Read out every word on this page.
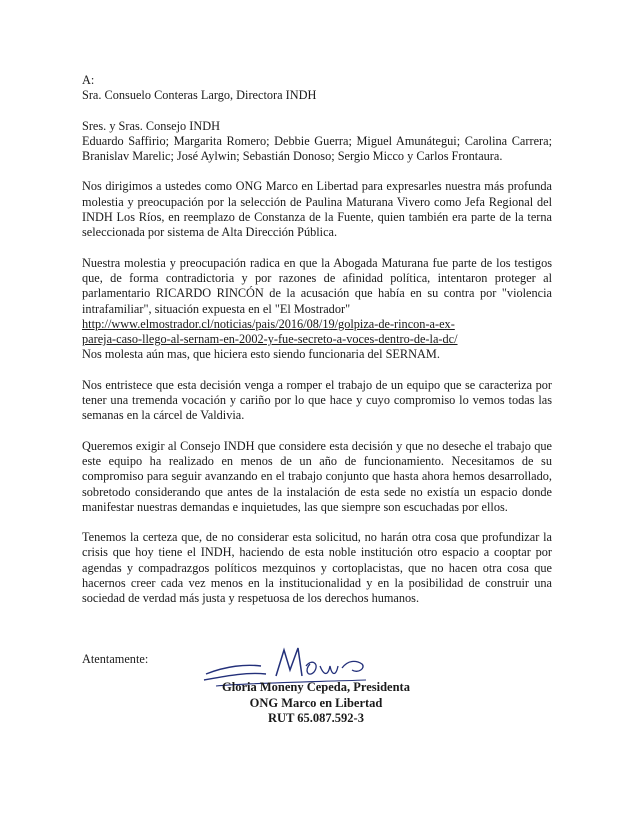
A:
Sra. Consuelo Conteras Largo, Directora INDH
Sres. y Sras. Consejo INDH

Eduardo Saffirio; Margarita Romero; Debbie Guerra; Miguel Amunátegui; Carolina Carrera; Branislav Marelic; José Aylwin; Sebastián Donoso; Sergio Micco y Carlos Frontaura.

Nos dirigimos a ustedes como ONG Marco en Libertad para expresarles nuestra más profunda molestia y preocupación por la selección de Paulina Maturana Vivero como Jefa Regional del INDH Los Ríos, en reemplazo de Constanza de la Fuente, quien también era parte de la terna seleccionada por sistema de Alta Dirección Pública.

Nuestra molestia y preocupación radica en que la Abogada Maturana fue parte de los testigos que, de forma contradictoria y por razones de afinidad política, intentaron proteger al parlamentario RICARDO RINCÓN de la acusación que había en su contra por "violencia intrafamiliar", situación expuesta en el "El Mostrador"

http://www.elmostrador.cl/noticias/pais/2016/08/19/golpiza-de-rincon-a-ex-
pareja-caso-llego-al-sernam-en-2002-y-fue-secreto-a-voces-dentro-de-la-dc/
Nos molesta aún mas, que hiciera esto siendo funcionaria del SERNAM.

Nos entristece que esta decisión venga a romper el trabajo de un equipo que se caracteriza por tener una tremenda vocación y cariño por lo que hace y cuyo compromiso lo vemos todas las semanas en la cárcel de Valdivia.

Queremos exigir al Consejo INDH que considere esta decisión y que no deseche el trabajo que este equipo ha realizado en menos de un año de funcionamiento. Necesitamos de su compromiso para seguir avanzando en el trabajo conjunto que hasta ahora hemos desarrollado, sobretodo considerando que antes de la instalación de esta sede no existía un espacio donde manifestar nuestras demandas e inquietudes, las que siempre son escuchadas por ellos.

Tenemos la certeza que, de no considerar esta solicitud, no harán otra cosa que profundizar la crisis que hoy tiene el INDH, haciendo de esta noble institución otro espacio a cooptar por agendas y compadrazgos políticos mezquinos y cortoplacistas, que no hacen otra cosa que hacernos creer cada vez menos en la institucionalidad y en la posibilidad de construir una sociedad de verdad más justa y respetuosa de los derechos humanos.

Atentamente:
Gloria Moneny Cepeda, Presidenta
ONG Marco en Libertad
RUT 65.087.592-3
